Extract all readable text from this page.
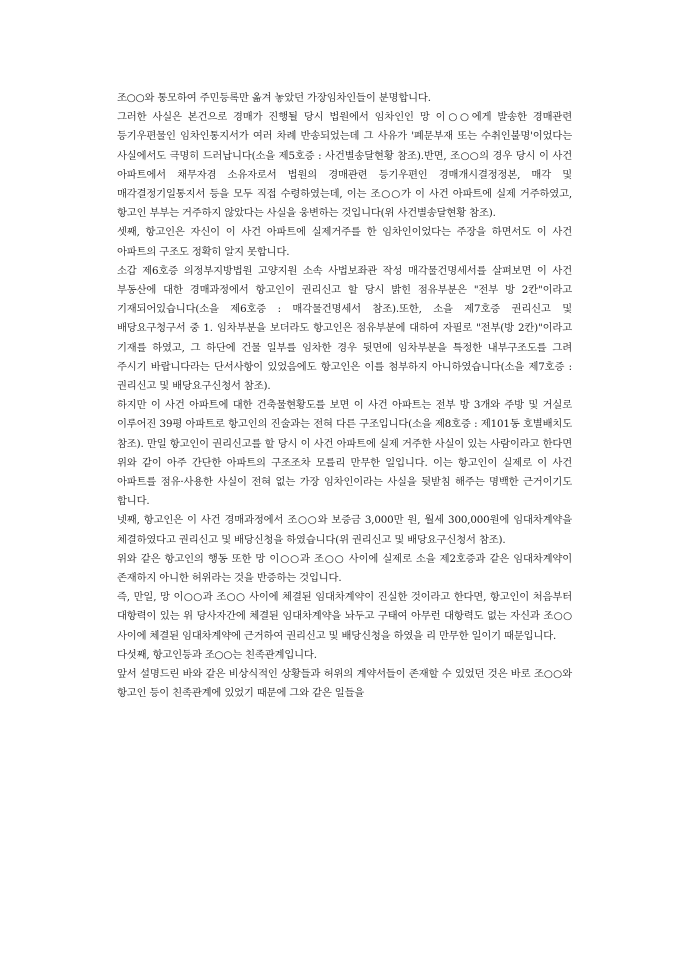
조○○와 통모하여 주민등록만 옮겨 놓았던 가장임차인들이 분명합니다.

그러한 사실은 본건으로 경매가 진행될 당시 법원에서 임차인인 망 이○○에게 발송한 경매관련 등기우편물인 임차인통지서가 여러 차례 반송되었는데 그 사유가 '폐문부재 또는 수취인불명'이었다는 사실에서도 극명히 드러납니다(소을 제5호증 : 사건별송달현황 참조).반면, 조○○의 경우 당시 이 사건 아파트에서 채무자겸 소유자로서 법원의 경매관련 등기우편인 경매개시결정정본, 매각 및 매각결정기일통지서 등을 모두 직접 수령하였는데, 이는 조○○가 이 사건 아파트에 실제 거주하였고, 항고인 부부는 거주하지 않았다는 사실을 웅변하는 것입니다(위 사건별송달현황 참조).

셋째, 항고인은 자신이 이 사건 아파트에 실제거주를 한 임차인이었다는 주장을 하면서도 이 사건 아파트의 구조도 정확히 알지 못합니다.

소갑 제6호증 의정부지방법원 고양지원 소속 사법보좌관 작성 매각물건명세서를 살펴보면 이 사건 부동산에 대한 경매과정에서 항고인이 권리신고 할 당시 밝힌 점유부분은 "전부 방 2칸"이라고 기재되어있습니다(소을 제6호증 : 매각물건명세서 참조).또한, 소을 제7호증 권리신고 및 배당요구청구서 중 1. 임차부분을 보더라도 항고인은 점유부분에 대하여 자필로 "전부(방 2칸)"이라고 기재를 하였고, 그 하단에 건물 일부를 임차한 경우 뒷면에 임차부분을 특정한 내부구조도를 그려 주시기 바랍니다라는 단서사항이 있었음에도 항고인은 이를 첨부하지 아니하였습니다(소을 제7호증 : 권리신고 및 배당요구신청서 참조).

하지만 이 사건 아파트에 대한 건축물현황도를 보면 이 사건 아파트는 전부 방 3개와 주방 및 거실로 이루어진 39평 아파트로 항고인의 진술과는 전혀 다른 구조입니다(소을 제8호증 : 제101동 호별배치도 참조). 만일 항고인이 권리신고를 할 당시 이 사건 아파트에 실제 거주한 사실이 있는 사람이라고 한다면 위와 같이 아주 간단한 아파트의 구조조차 모를리 만무한 일입니다. 이는 항고인이 실제로 이 사건 아파트를 점유·사용한 사실이 전혀 없는 가장 임차인이라는 사실을 뒷받침 해주는 명백한 근거이기도 합니다.

넷째, 항고인은 이 사건 경매과정에서 조○○와 보증금 3,000만 원, 월세 300,000원에 임대차계약을 체결하였다고 권리신고 및 배당신청을 하였습니다(위 권리신고 및 배당요구신청서 참조).

위와 같은 항고인의 행동 또한 망 이○○과 조○○ 사이에 실제로 소을 제2호증과 같은 임대차계약이 존재하지 아니한 허위라는 것을 반증하는 것입니다.

즉, 만일, 망 이○○과 조○○ 사이에 체결된 임대차계약이 진실한 것이라고 한다면, 항고인이 처음부터 대항력이 있는 위 당사자간에 체결된 임대차계약을 놔두고 구태여 아무런 대항력도 없는 자신과 조○○ 사이에 체결된 임대차계약에 근거하여 권리신고 및 배당신청을 하였을 리 만무한 일이기 때문입니다.

다섯째, 항고인등과 조○○는 친족관계입니다.

앞서 설명드린 바와 같은 비상식적인 상황들과 허위의 계약서들이 존재할 수 있었던 것은 바로 조○○와 항고인 등이 친족관계에 있었기 때문에 그와 같은 일들을
